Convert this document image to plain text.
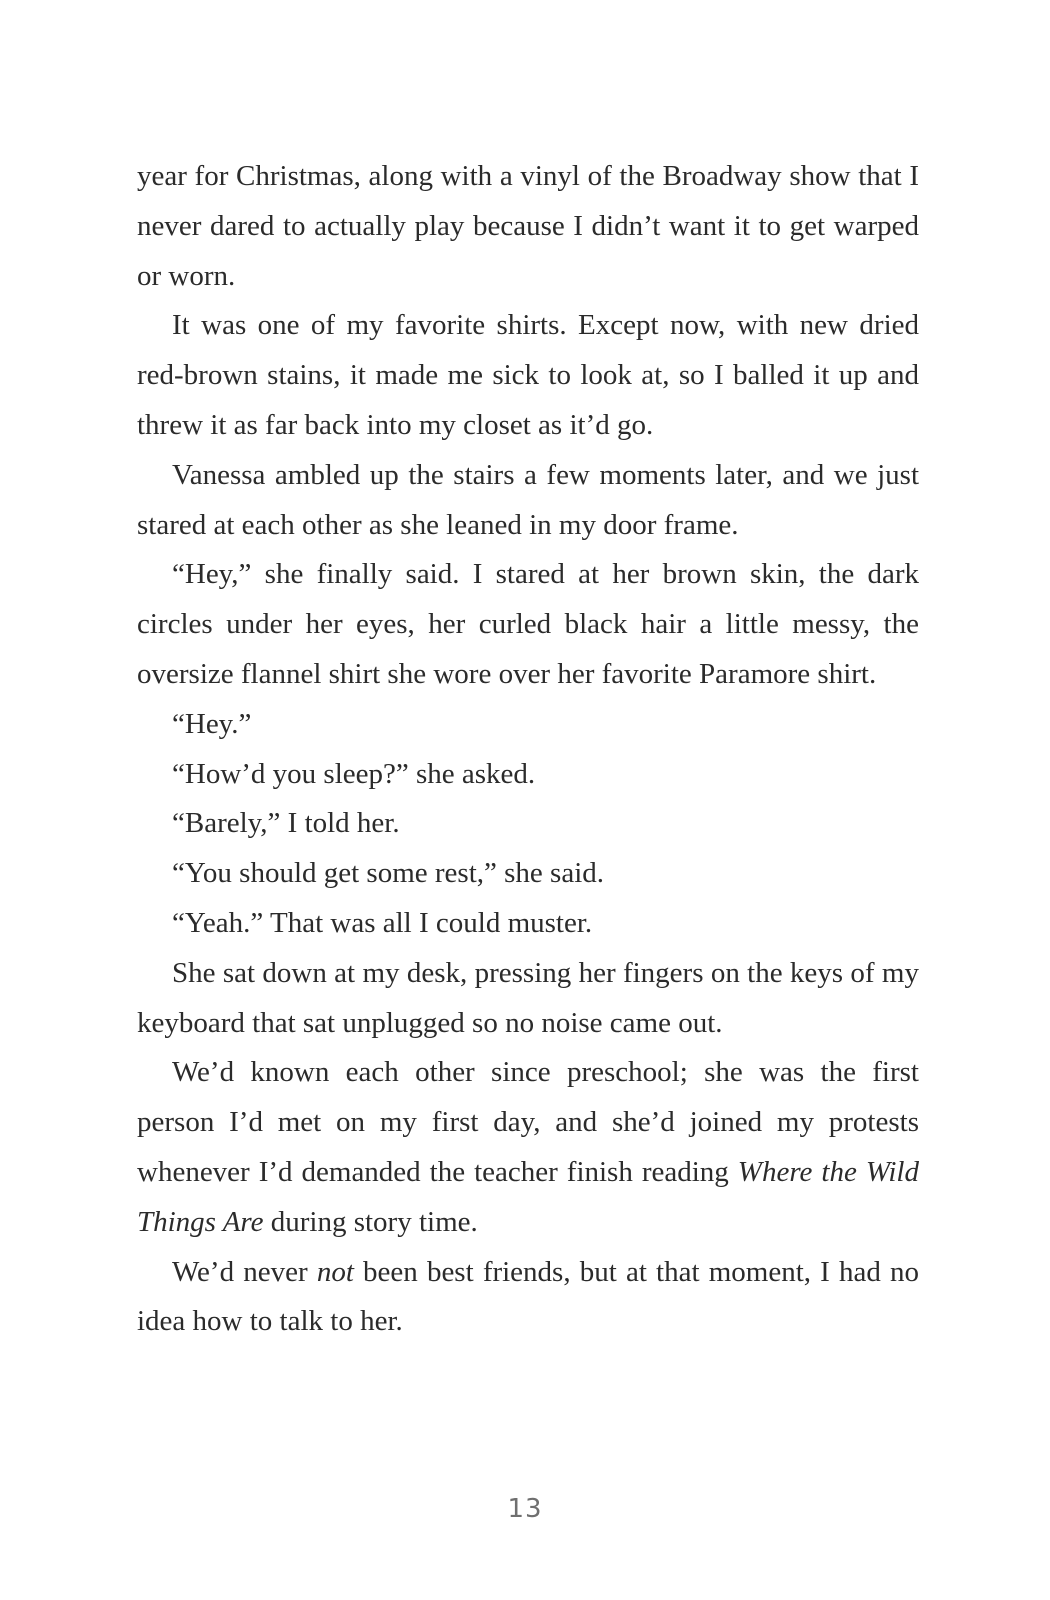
year for Christmas, along with a vinyl of the Broadway show that I never dared to actually play because I didn’t want it to get warped or worn.

It was one of my favorite shirts. Except now, with new dried red-brown stains, it made me sick to look at, so I balled it up and threw it as far back into my closet as it’d go.

Vanessa ambled up the stairs a few moments later, and we just stared at each other as she leaned in my door frame.

“Hey,” she finally said. I stared at her brown skin, the dark circles under her eyes, her curled black hair a little messy, the oversize flannel shirt she wore over her favorite Paramore shirt.

“Hey.”

“How’d you sleep?” she asked.

“Barely,” I told her.

“You should get some rest,” she said.

“Yeah.” That was all I could muster.

She sat down at my desk, pressing her fingers on the keys of my keyboard that sat unplugged so no noise came out.

We’d known each other since preschool; she was the first person I’d met on my first day, and she’d joined my protests whenever I’d demanded the teacher finish reading Where the Wild Things Are during story time.

We’d never not been best friends, but at that moment, I had no idea how to talk to her.

13
